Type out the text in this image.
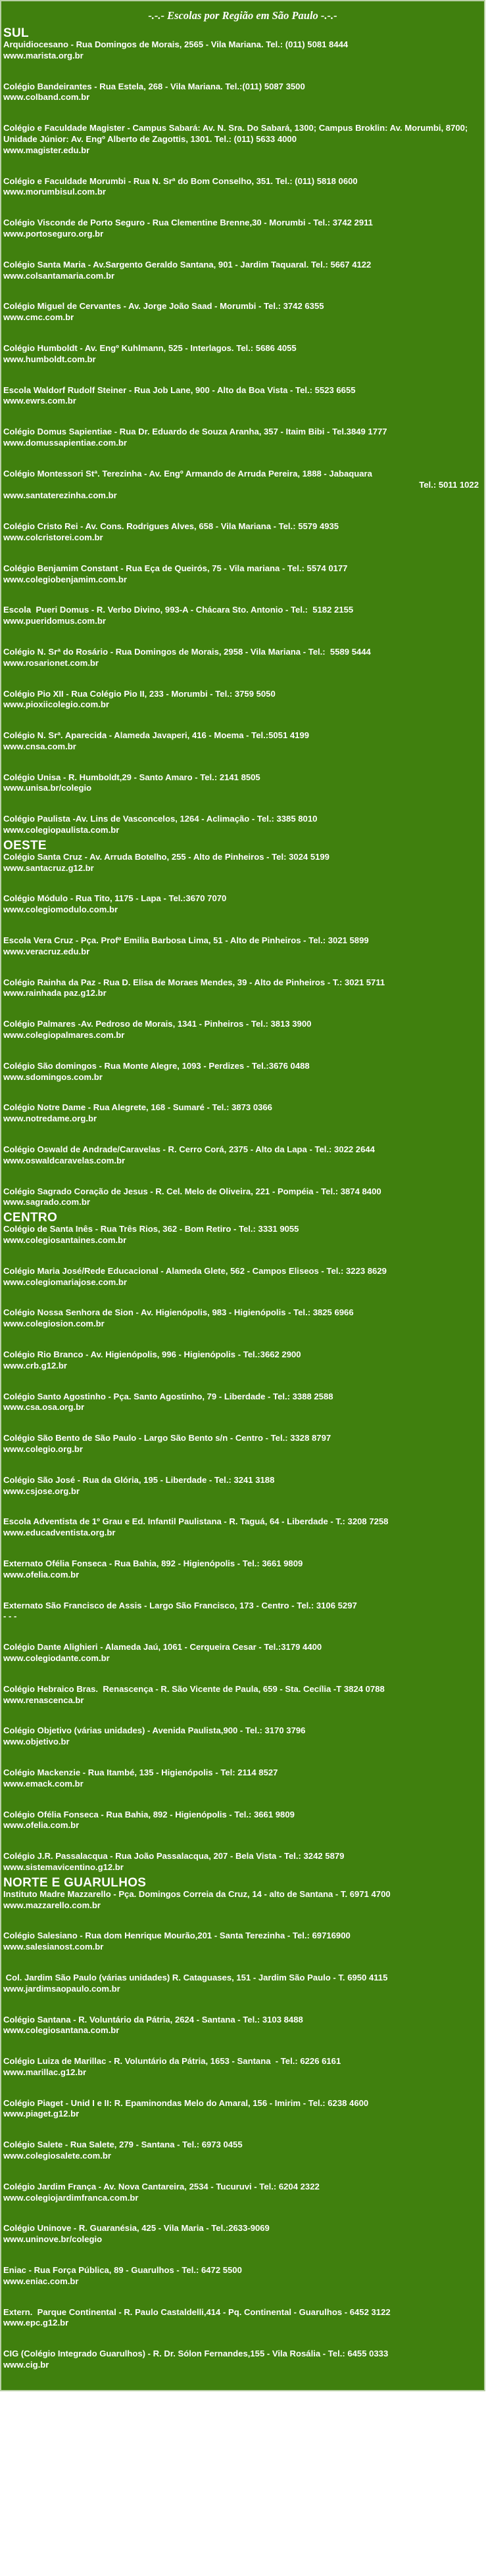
-.-.- Escolas por Região em São Paulo -.-.-
SUL
Arquidiocesano - Rua Domingos de Morais, 2565 - Vila Mariana. Tel.: (011) 5081 8444
www.marista.org.br
Colégio Bandeirantes - Rua Estela, 268 - Vila Mariana. Tel.:(011) 5087 3500
www.colband.com.br
Colégio e Faculdade Magister - Campus Sabará: Av. N. Sra. Do Sabará, 1300; Campus Broklin: Av. Morumbi, 8700; Unidade Júnior: Av. Engº Alberto de Zagottis, 1301. Tel.: (011) 5633 4000
www.magister.edu.br
Colégio e Faculdade Morumbi - Rua N. Srª do Bom Conselho, 351. Tel.: (011) 5818 0600
www.morumbisul.com.br
Colégio Visconde de Porto Seguro - Rua Clementine Brenne,30 - Morumbi - Tel.: 3742 2911
www.portoseguro.org.br
Colégio Santa Maria - Av.Sargento Geraldo Santana, 901 - Jardim Taquaral. Tel.: 5667 4122
www.colsantamaria.com.br
Colégio Miguel de Cervantes - Av. Jorge João Saad - Morumbi - Tel.: 3742 6355
www.cmc.com.br
Colégio Humboldt - Av. Engº Kuhlmann, 525 - Interlagos. Tel.: 5686 4055
www.humboldt.com.br
Escola Waldorf Rudolf Steiner - Rua Job Lane, 900 - Alto da Boa Vista - Tel.: 5523 6655
www.ewrs.com.br
Colégio Domus Sapientiae - Rua Dr. Eduardo de Souza Aranha, 357 - Itaim Bibi - Tel.3849 1777
www.domussapientiae.com.br
Colégio Montessori Stª. Terezinha - Av. Engº Armando de Arruda Pereira, 1888 - Jabaquara
Tel.: 5011 1022
www.santaterezinha.com.br
Colégio Cristo Rei - Av. Cons. Rodrigues Alves, 658 - Vila Mariana - Tel.: 5579 4935
www.colcristorei.com.br
Colégio Benjamim Constant - Rua Eça de Queirós, 75 - Vila mariana - Tel.: 5574 0177
www.colegiobenjamim.com.br
Escola  Pueri Domus - R. Verbo Divino, 993-A - Chácara Sto. Antonio - Tel.:  5182 2155
www.pueridomus.com.br
Colégio N. Srª do Rosário - Rua Domingos de Morais, 2958 - Vila Mariana - Tel.:  5589 5444
www.rosarionet.com.br
Colégio Pio XII - Rua Colégio Pio II, 233 - Morumbi - Tel.: 3759 5050
www.pioxiicolegio.com.br
Colégio N. Srª. Aparecida - Alameda Javaperi, 416 - Moema - Tel.:5051 4199
www.cnsa.com.br
Colégio Unisa - R. Humboldt,29 - Santo Amaro - Tel.: 2141 8505
www.unisa.br/colegio
Colégio Paulista -Av. Lins de Vasconcelos, 1264 - Aclimação - Tel.: 3385 8010
www.colegiopaulista.com.br
OESTE
Colégio Santa Cruz - Av. Arruda Botelho, 255 - Alto de Pinheiros - Tel: 3024 5199
www.santacruz.g12.br
Colégio Módulo - Rua Tito, 1175 - Lapa - Tel.:3670 7070
www.colegiomodulo.com.br
Escola Vera Cruz - Pça. Profº Emilia Barbosa Lima, 51 - Alto de Pinheiros - Tel.: 3021 5899
www.veracruz.edu.br
Colégio Rainha da Paz - Rua D. Elisa de Moraes Mendes, 39 - Alto de Pinheiros - T.: 3021 5711
www.rainhada paz.g12.br
Colégio Palmares -Av. Pedroso de Morais, 1341 - Pinheiros - Tel.: 3813 3900
www.colegiopalmares.com.br
Colégio São domingos - Rua Monte Alegre, 1093 - Perdizes - Tel.:3676 0488
www.sdomingos.com.br
Colégio Notre Dame - Rua Alegrete, 168 - Sumaré - Tel.: 3873 0366
www.notredame.org.br
Colégio Oswald de Andrade/Caravelas - R. Cerro Corá, 2375 - Alto da Lapa - Tel.: 3022 2644
www.oswaldcaravelas.com.br
Colégio Sagrado Coração de Jesus - R. Cel. Melo de Oliveira, 221 - Pompéia - Tel.: 3874 8400
www.sagrado.com.br
CENTRO
Colégio de Santa Inês - Rua Três Rios, 362 - Bom Retiro - Tel.: 3331 9055
www.colegiosantaines.com.br
Colégio Maria José/Rede Educacional - Alameda Glete, 562 - Campos Eliseos - Tel.: 3223 8629
www.colegiomariajose.com.br
Colégio Nossa Senhora de Sion - Av. Higienópolis, 983 - Higienópolis - Tel.: 3825 6966
www.colegiosion.com.br
Colégio Rio Branco - Av. Higienópolis, 996 - Higienópolis - Tel.:3662 2900
www.crb.g12.br
Colégio Santo Agostinho - Pça. Santo Agostinho, 79 - Liberdade - Tel.: 3388 2588
www.csa.osa.org.br
Colégio São Bento de São Paulo - Largo São Bento s/n - Centro - Tel.: 3328 8797
www.colegio.org.br
Colégio São José - Rua da Glória, 195 - Liberdade - Tel.: 3241 3188
www.csjose.org.br
Escola Adventista de 1º Grau e Ed. Infantil Paulistana - R. Taguá, 64 - Liberdade - T.: 3208 7258
www.educadventista.org.br
Externato Ofélia Fonseca - Rua Bahia, 892 - Higienópolis - Tel.: 3661 9809
www.ofelia.com.br
Externato São Francisco de Assis - Largo São Francisco, 173 - Centro - Tel.: 3106 5297
- - -
Colégio Dante Alighieri - Alameda Jaú, 1061 - Cerqueira Cesar - Tel.:3179 4400
www.colegiodante.com.br
Colégio Hebraico Bras.  Renascença - R. São Vicente de Paula, 659 - Sta. Cecília -T 3824 0788
www.renascenca.br
Colégio Objetivo (várias unidades) - Avenida Paulista,900 - Tel.: 3170 3796
www.objetivo.br
Colégio Mackenzie - Rua Itambé, 135 - Higienópolis - Tel: 2114 8527
www.emack.com.br
Colégio Ofélia Fonseca - Rua Bahia, 892 - Higienópolis - Tel.: 3661 9809
www.ofelia.com.br
Colégio J.R. Passalacqua - Rua João Passalacqua, 207 - Bela Vista - Tel.: 3242 5879
www.sistemavicentino.g12.br
NORTE E GUARULHOS
Instituto Madre Mazzarello - Pça. Domingos Correia da Cruz, 14 - alto de Santana - T. 6971 4700
www.mazzarello.com.br
Colégio Salesiano - Rua dom Henrique Mourão,201 - Santa Terezinha - Tel.: 69716900
www.salesianost.com.br
Col. Jardim São Paulo (várias unidades) R. Cataguases, 151 - Jardim São Paulo - T. 6950 4115
www.jardimsaopaulo.com.br
Colégio Santana - R. Voluntário da Pátria, 2624 - Santana - Tel.: 3103 8488
www.colegiosantana.com.br
Colégio Luiza de Marillac - R. Voluntário da Pátria, 1653 - Santana  - Tel.: 6226 6161
www.marillac.g12.br
Colégio Piaget - Unid I e II: R. Epaminondas Melo do Amaral, 156 - Imirim - Tel.: 6238 4600
www.piaget.g12.br
Colégio Salete - Rua Salete, 279 - Santana - Tel.: 6973 0455
www.colegiosalete.com.br
Colégio Jardim França - Av. Nova Cantareira, 2534 - Tucuruvi - Tel.: 6204 2322
www.colegiojardimfranca.com.br
Colégio Uninove - R. Guaranésia, 425 - Vila Maria - Tel.:2633-9069
www.uninove.br/colegio
Eniac - Rua Força Pública, 89 - Guarulhos - Tel.: 6472 5500
www.eniac.com.br
Extern.  Parque Continental - R. Paulo Castaldelli,414 - Pq. Continental - Guarulhos - 6452 3122
www.epc.g12.br
CIG (Colégio Integrado Guarulhos) - R. Dr. Sólon Fernandes,155 - Vila Rosália - Tel.: 6455 0333
www.cig.br
Colégio Guilherme de Almeida - Av Emílio Ribas, 847 - Gopoúva - Guarulhos - Tel.: 6464 4745
www.guilhermedealmeida.com.br
LESTE
Colégio Drummond - R. Profº Pedreira de Freitas, 401/415 - Tatuapé - Tel.: 6942 1499
www.drummond.com.br
Externato Nossa Sra. Menina - Rua do Oratório,2621 - Alto da Mooca - Tel.: 6965 2083
- - -
Colégio João XXIII - Av. Penha de França, 35 - Penha - Tel.: 2092 8400
www.joao23.com.br
Colégio Alvorada - Pça Nossa Sra. das Vitórias, 92 - Vila Formosa - Tel.: 2674 0262
www.colegioalvorada.com.br
